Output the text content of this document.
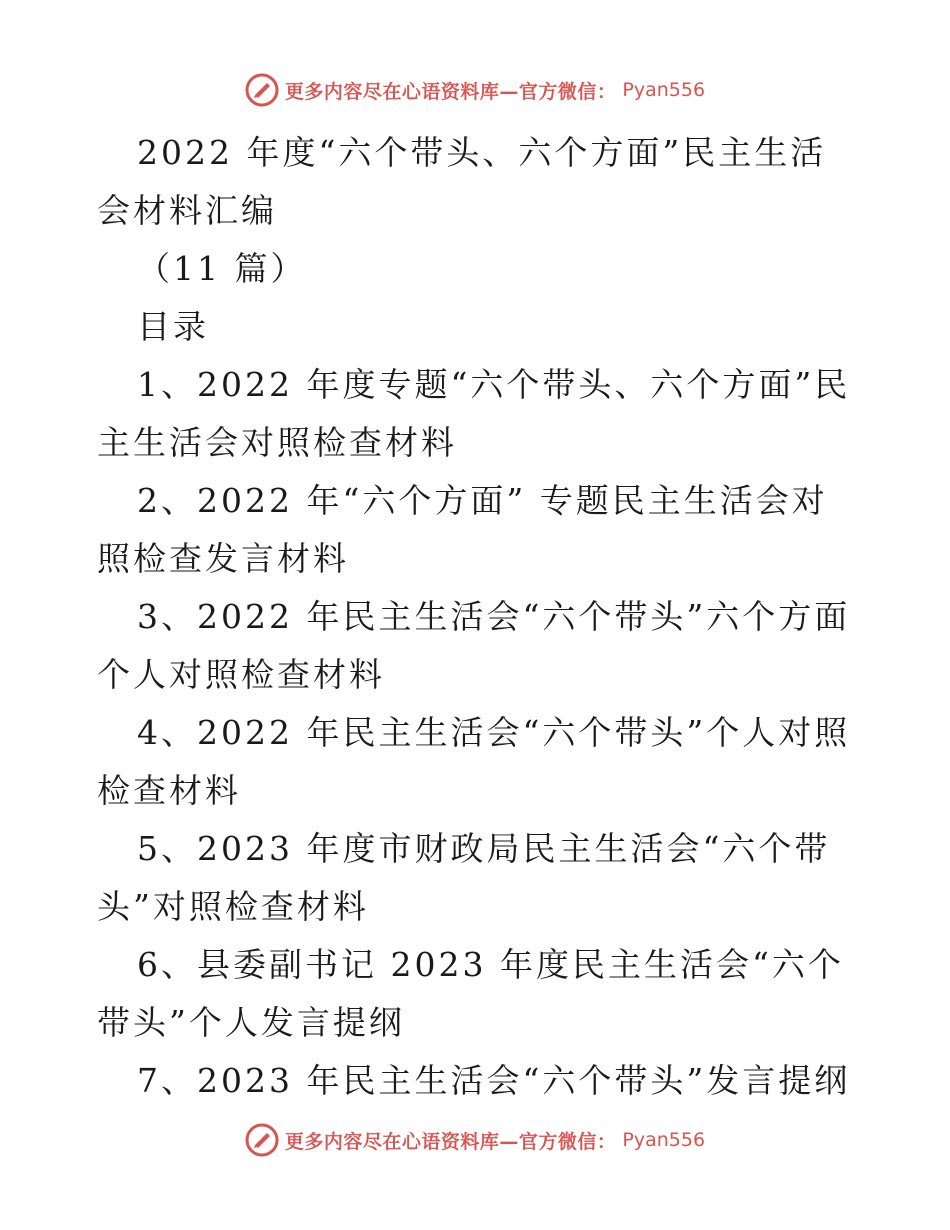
更多内容尽在心语资料库—官方微信： Pyan556

2022 年度“六个带头、六个方面”民主生活会材料汇编

（11 篇）

目录

1、2022 年度专题“六个带头、六个方面”民主生活会对照检查材料

2、2022 年“六个方面” 专题民主生活会对照检查发言材料

3、2022 年民主生活会“六个带头”六个方面个人对照检查材料

4、2022 年民主生活会“六个带头”个人对照检查材料

5、2023 年度市财政局民主生活会“六个带头”对照检查材料

6、县委副书记 2023 年度民主生活会“六个带头”个人发言提纲

7、2023 年民主生活会“六个带头”发言提纲

更多内容尽在心语资料库—官方微信： Pyan556
